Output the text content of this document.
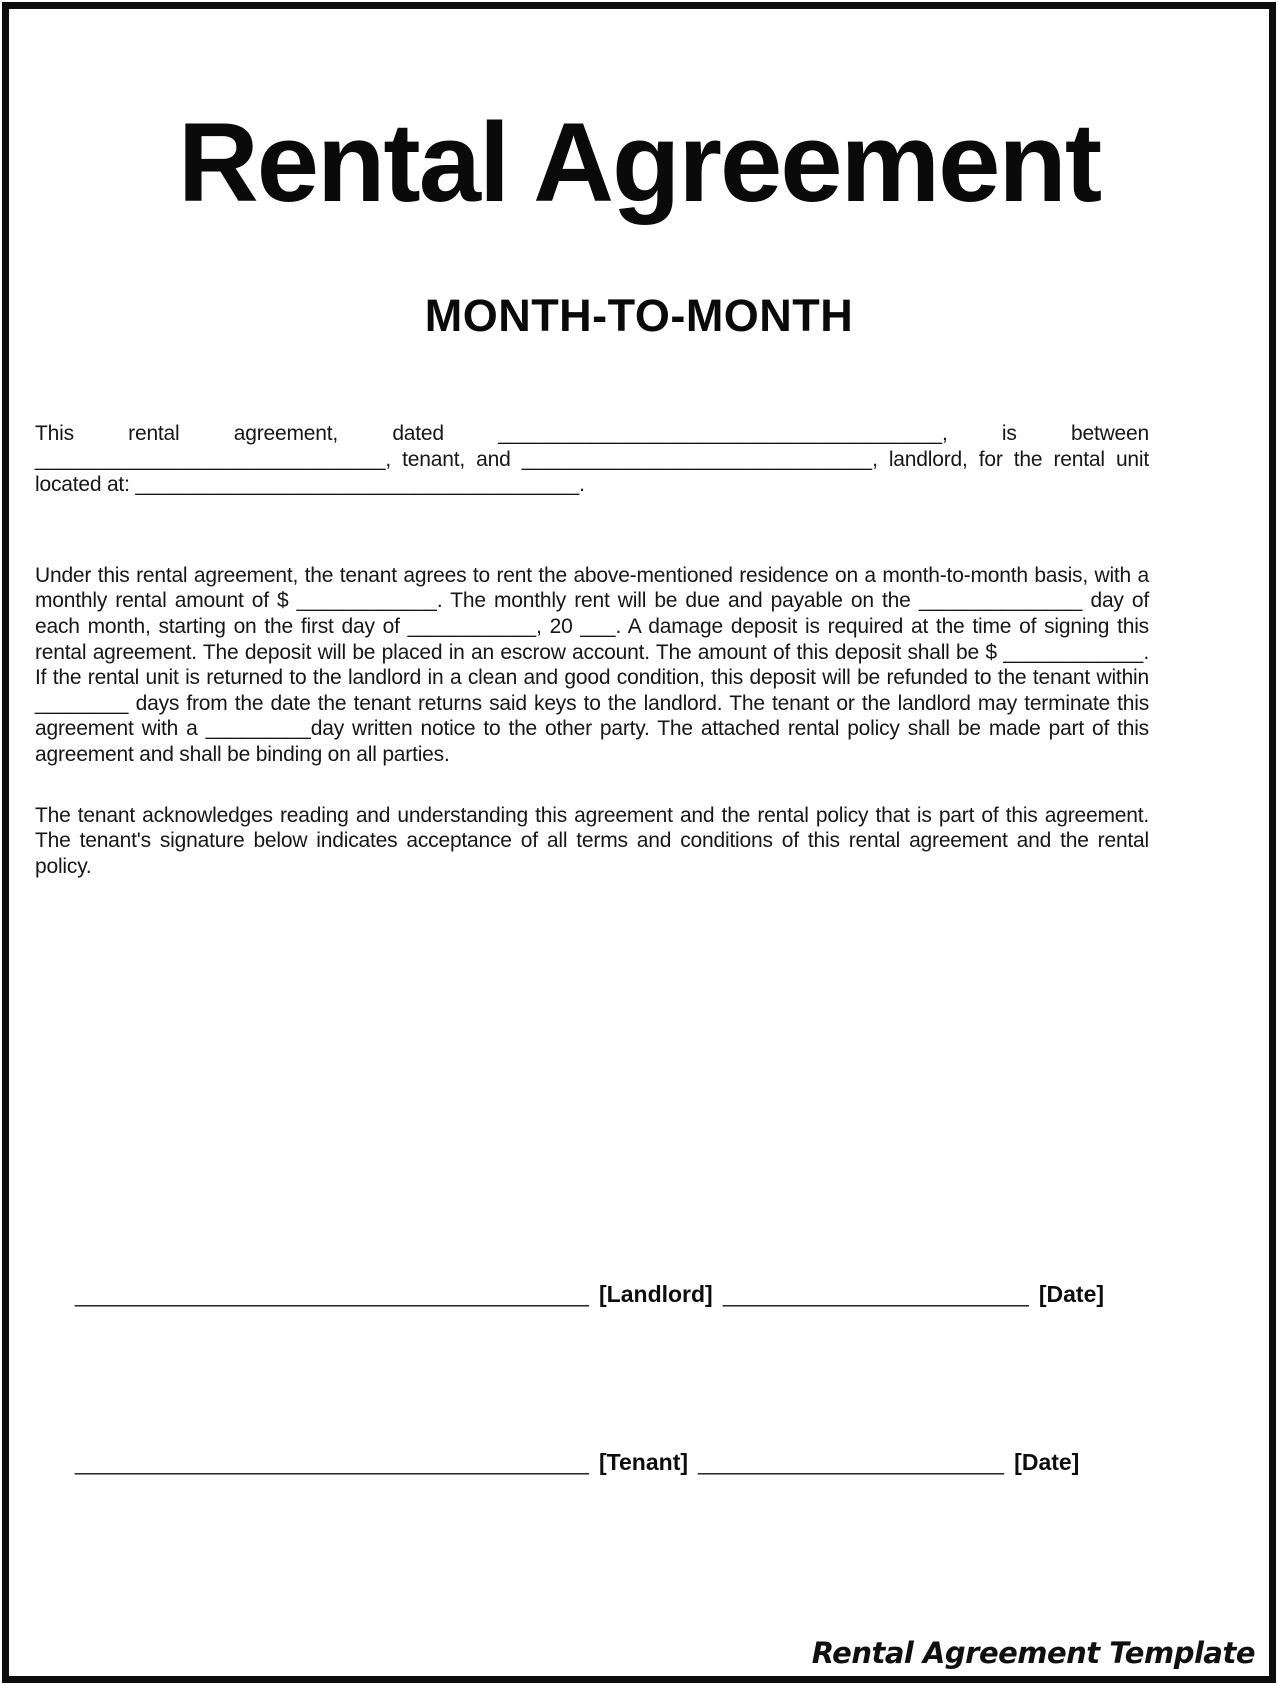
Rental Agreement
MONTH-TO-MONTH

This rental agreement, dated ______________________________________, is between ______________________________, tenant, and ______________________________, landlord, for the rental unit located at: ______________________________________.

Under this rental agreement, the tenant agrees to rent the above-mentioned residence on a month-to-month basis, with a monthly rental amount of $ ____________. The monthly rent will be due and payable on the ______________ day of each month, starting on the first day of ___________, 20 ___. A damage deposit is required at the time of signing this rental agreement. The deposit will be placed in an escrow account. The amount of this deposit shall be $ ____________. If the rental unit is returned to the landlord in a clean and good condition, this deposit will be refunded to the tenant within ________ days from the date the tenant returns said keys to the landlord. The tenant or the landlord may terminate this agreement with a _________day written notice to the other party. The attached rental policy shall be made part of this agreement and shall be binding on all parties.

The tenant acknowledges reading and understanding this agreement and the rental policy that is part of this agreement. The tenant's signature below indicates acceptance of all terms and conditions of this rental agreement and the rental policy.

__________________________________________ [Landlord] _________________________ [Date]
__________________________________________ [Tenant] _________________________ [Date]
Rental Agreement Template
